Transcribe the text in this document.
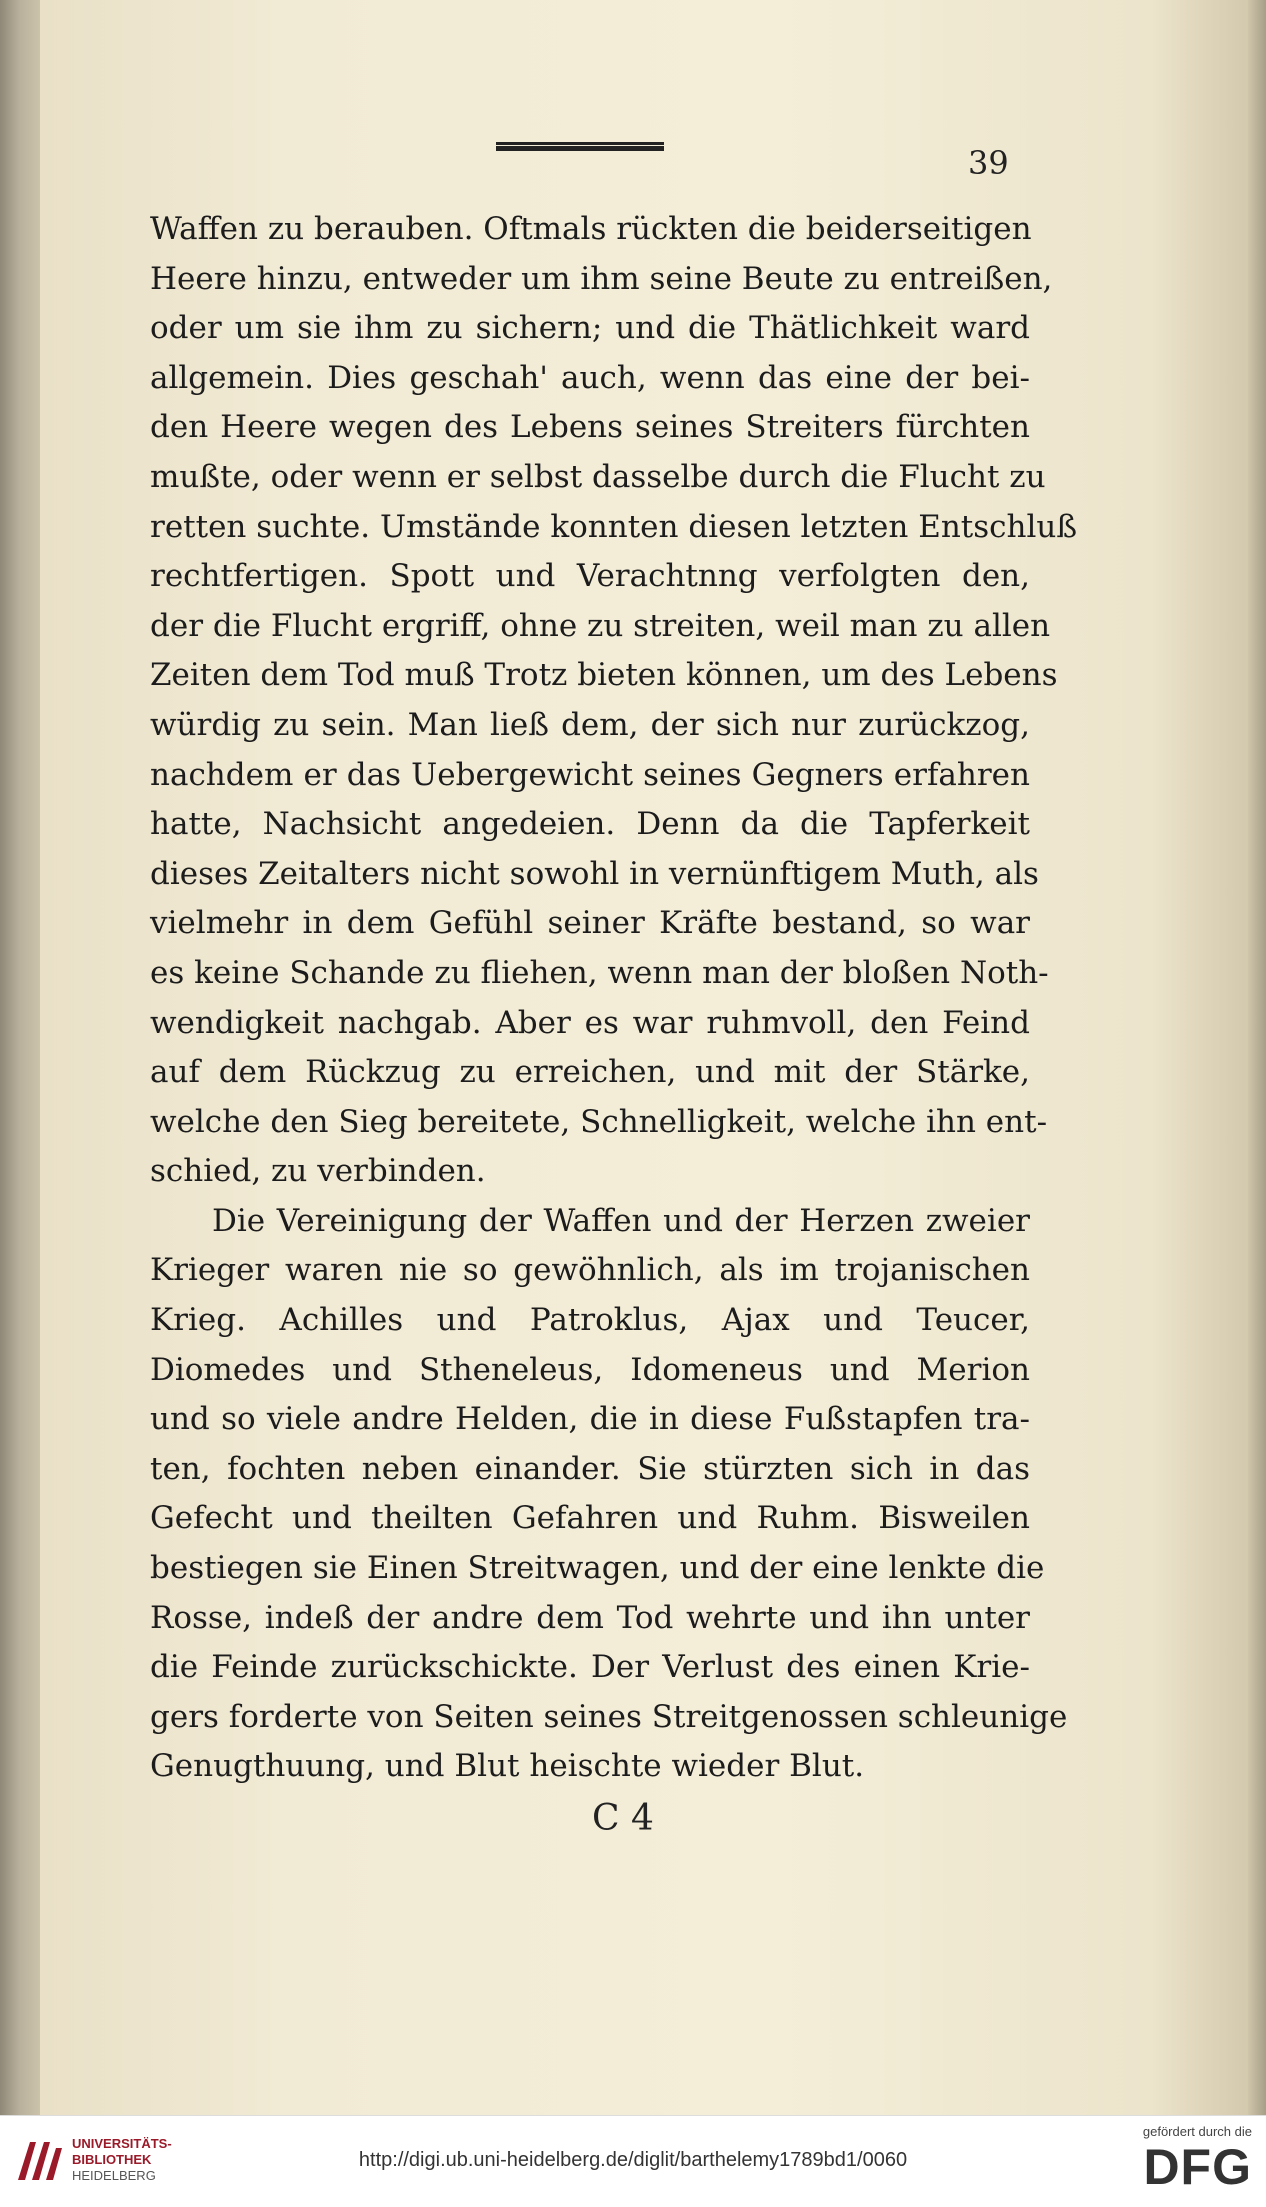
39
Waffen zu berauben. Oftmals rückten die beiderseitigen
Heere hinzu, entweder um ihm seine Beute zu entreißen,
oder um sie ihm zu sichern; und die Thätlichkeit ward
allgemein. Dies geschah' auch, wenn das eine der bei-
den Heere wegen des Lebens seines Streiters fürchten
mußte, oder wenn er selbst dasselbe durch die Flucht zu
retten suchte. Umstände konnten diesen letzten Entschluß
rechtfertigen. Spott und Verachtnng verfolgten den,
der die Flucht ergriff, ohne zu streiten, weil man zu allen
Zeiten dem Tod muß Trotz bieten können, um des Lebens
würdig zu sein. Man ließ dem, der sich nur zurückzog,
nachdem er das Uebergewicht seines Gegners erfahren
hatte, Nachsicht angedeien. Denn da die Tapferkeit
dieses Zeitalters nicht sowohl in vernünftigem Muth, als
vielmehr in dem Gefühl seiner Kräfte bestand, so war
es keine Schande zu fliehen, wenn man der bloßen Noth-
wendigkeit nachgab. Aber es war ruhmvoll, den Feind
auf dem Rückzug zu erreichen, und mit der Stärke,
welche den Sieg bereitete, Schnelligkeit, welche ihn ent-
schied, zu verbinden.
Die Vereinigung der Waffen und der Herzen zweier
Krieger waren nie so gewöhnlich, als im trojanischen
Krieg. Achilles und Patroklus, Ajax und Teucer,
Diomedes und Stheneleus, Idomeneus und Merion
und so viele andre Helden, die in diese Fußstapfen tra-
ten, fochten neben einander. Sie stürzten sich in das
Gefecht und theilten Gefahren und Ruhm. Bisweilen
bestiegen sie Einen Streitwagen, und der eine lenkte die
Rosse, indeß der andre dem Tod wehrte und ihn unter
die Feinde zurückschickte. Der Verlust des einen Krie-
gers forderte von Seiten seines Streitgenossen schleunige
Genugthuung, und Blut heischte wieder Blut.
C 4
UNIVERSITÄTS-
BIBLIOTHEK
HEIDELBERG
http://digi.ub.uni-heidelberg.de/diglit/barthelemy1789bd1/0060
gefördert durch die
DFG
